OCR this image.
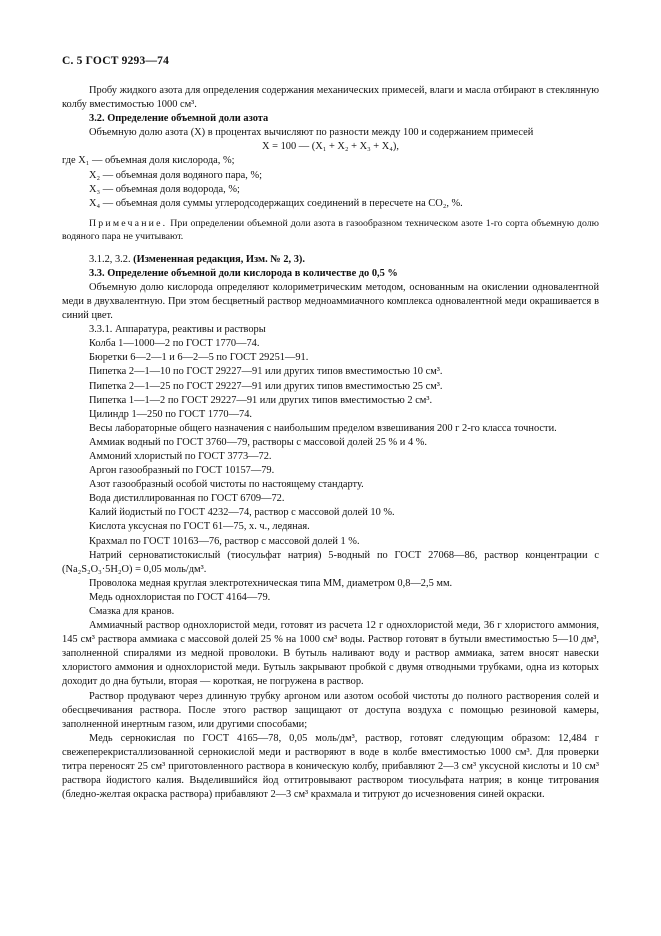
С. 5 ГОСТ 9293—74

Пробу жидкого азота для определения содержания механических примесей, влаги и масла отбирают в стеклянную колбу вместимостью 1000 см³.

3.2. Определение объемной доли азота

Объемную долю азота (X) в процентах вычисляют по разности между 100 и содержанием примесей

X = 100 — (X₁ + X₂ + X₃ + X₄),

где X₁ — объемная доля кислорода, %;

X₂ — объемная доля водяного пара, %;

X₃ — объемная доля водорода, %;

X₄ — объемная доля суммы углеродсодержащих соединений в пересчете на CO₂, %.

Примечание. При определении объемной доли азота в газообразном техническом азоте 1-го сорта объемную долю водяного пара не учитывают.

3.1.2, 3.2. (Измененная редакция, Изм. № 2, 3).

3.3. Определение объемной доли кислорода в количестве до 0,5 %

Объемную долю кислорода определяют колориметрическим методом, основанным на окислении одновалентной меди в двухвалентную. При этом бесцветный раствор медноаммиачного комплекса одновалентной меди окрашивается в синий цвет.

3.3.1. Аппаратура, реактивы и растворы

Колба 1—1000—2 по ГОСТ 1770—74.

Бюретки 6—2—1 и 6—2—5 по ГОСТ 29251—91.

Пипетка 2—1—10 по ГОСТ 29227—91 или других типов вместимостью 10 см³.

Пипетка 2—1—25 по ГОСТ 29227—91 или других типов вместимостью 25 см³.

Пипетка 1—1—2 по ГОСТ 29227—91 или других типов вместимостью 2 см³.

Цилиндр 1—250 по ГОСТ 1770—74.

Весы лабораторные общего назначения с наибольшим пределом взвешивания 200 г 2-го класса точности.

Аммиак водный по ГОСТ 3760—79, растворы с массовой долей 25 % и 4 %.

Аммоний хлористый по ГОСТ 3773—72.

Аргон газообразный по ГОСТ 10157—79.

Азот газообразный особой чистоты по настоящему стандарту.

Вода дистиллированная по ГОСТ 6709—72.

Калий йодистый по ГОСТ 4232—74, раствор с массовой долей 10 %.

Кислота уксусная по ГОСТ 61—75, х. ч., ледяная.

Крахмал по ГОСТ 10163—76, раствор с массовой долей 1 %.

Натрий серноватистокислый (тиосульфат натрия) 5-водный по ГОСТ 27068—86, раствор концентрации c (Na₂S₂O₃·5H₂O) = 0,05 моль/дм³.

Проволока медная круглая электротехническая типа ММ, диаметром 0,8—2,5 мм.

Медь однохлористая по ГОСТ 4164—79.

Смазка для кранов.

Аммиачный раствор однохлористой меди, готовят из расчета 12 г однохлористой меди, 36 г хлористого аммония, 145 см³ раствора аммиака с массовой долей 25 % на 1000 см³ воды. Раствор готовят в бутыли вместимостью 5—10 дм³, заполненной спиралями из медной проволоки. В бутыль наливают воду и раствор аммиака, затем вносят навески хлористого аммония и однохлористой меди. Бутыль закрывают пробкой с двумя отводными трубками, одна из которых доходит до дна бутыли, вторая — короткая, не погружена в раствор.

Раствор продувают через длинную трубку аргоном или азотом особой чистоты до полного растворения солей и обесцвечивания раствора. После этого раствор защищают от доступа воздуха с помощью резиновой камеры, заполненной инертным газом, или другими способами;

Медь сернокислая по ГОСТ 4165—78, 0,05 моль/дм³, раствор, готовят следующим образом: 12,484 г свежеперекристаллизованной сернокислой меди и растворяют в воде в колбе вместимостью 1000 см³. Для проверки титра переносят 25 см³ приготовленного раствора в коническую колбу, прибавляют 2—3 см³ уксусной кислоты и 10 см³ раствора йодистого калия. Выделившийся йод оттитровывают раствором тиосульфата натрия; в конце титрования (бледно-желтая окраска раствора) прибавляют 2—3 см³ крахмала и титруют до исчезновения синей окраски.
